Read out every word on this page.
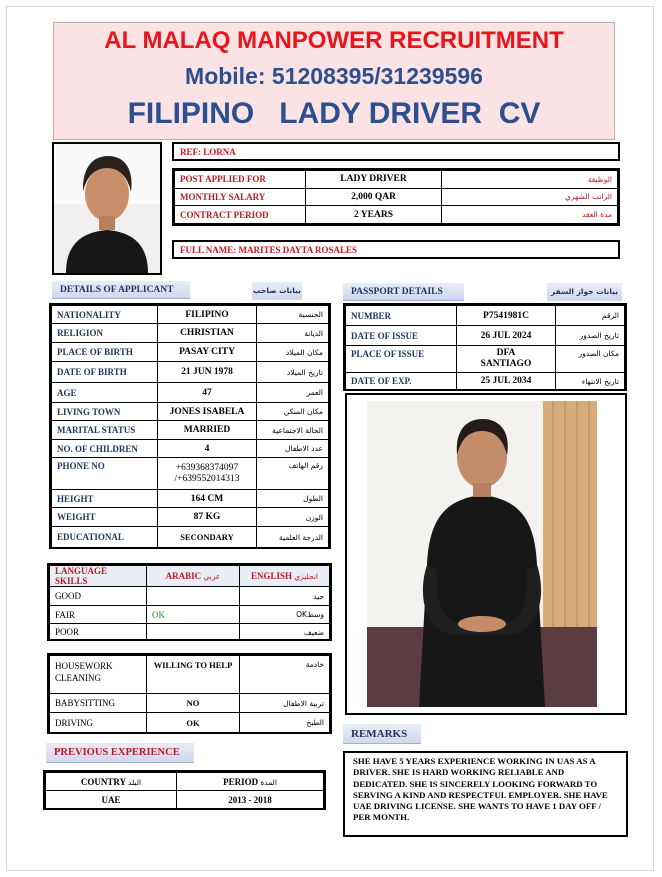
AL MALAQ MANPOWER RECRUITMENT
Mobile: 51208395/31239596
FILIPINO   LADY DRIVER  CV
REF: LORNA
POST APPLIED FOR	LADY DRIVER	الوظيفة
MONTHLY SALARY	2,000 QAR	الراتب الشهري
CONTRACT PERIOD	2 YEARS	مدة العقد
FULL NAME: MARITES DAYTA ROSALES
DETAILS OF APPLICANT	بيانات صاحب
NATIONALITY	FILIPINO	الجنسية
RELIGION	CHRISTIAN	الديانة
PLACE OF BIRTH	PASAY CITY	مكان الميلاد
DATE OF BIRTH	21 JUN 1978	تاريخ الميلاد
AGE	47	العمر
LIVING TOWN	JONES ISABELA	مكان السكن
MARITAL STATUS	MARRIED	الحالة الاجتماعية
NO. OF CHILDREN	4	عدد الاطفال
PHONE NO	+639368374097 /+639552014313	رقم الهاتف
HEIGHT	164 CM	الطول
WEIGHT	87 KG	الوزن
EDUCATIONAL	SECONDARY	الدرجة العلمية
PASSPORT DETAILS	بيانات جواز السفر
NUMBER	P7541981C	الرقم
DATE OF ISSUE	26 JUL 2024	تاريخ الصدور
PLACE OF ISSUE	DFA SANTIAGO	مكان الصدور
DATE OF EXP.	25 JUL 2034	تاريخ الانتهاء
LANGUAGE SKILLS	ARABIC عربي	ENGLISH انجليزي
GOOD		جيد
FAIR	OK	OKوسط
POOR		ضعيف
HOUSEWORK CLEANING	WILLING TO HELP	خادمة
BABYSITTING	NO	تربية الاطفال
DRIVING	OK	الطبخ
REMARKS
SHE HAVE 5 YEARS EXPERIENCE WORKING IN UAS AS A DRIVER. SHE IS HARD WORKING RELIABLE AND DEDICATED. SHE IS SINCERELY LOOKING FORWARD TO SERVING A KIND AND RESPECTFUL EMPLOYER. SHE HAVE UAE DRIVING LICENSE. SHE WANTS TO HAVE 1 DAY OFF / PER MONTH.
PREVIOUS EXPERIENCE
COUNTRY البلد	PERIOD المدة
UAE	2013 - 2018
